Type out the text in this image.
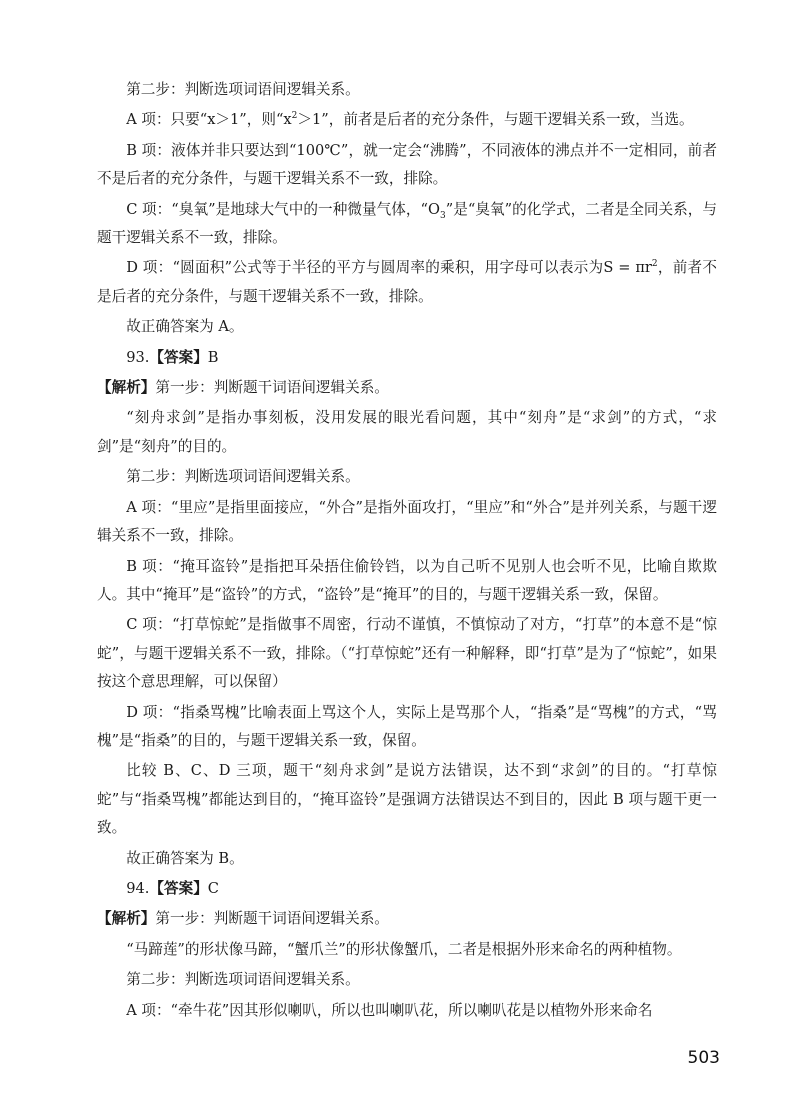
第二步：判断选项词语间逻辑关系。

A 项：只要“x＞1”，则“$x^2>1$”，前者是后者的充分条件，与题干逻辑关系一致，当选。

B 项：液体并非只要达到“100℃”，就一定会“沸腾”，不同液体的沸点并不一定相同，前者不是后者的充分条件，与题干逻辑关系不一致，排除。

C 项：“臭氧”是地球大气中的一种微量气体，“$O_3$”是“臭氧”的化学式，二者是全同关系，与题干逻辑关系不一致，排除。

D 项：“圆面积”公式等于半径的平方与圆周率的乘积，用字母可以表示为$S = \pi r^2$，前者不是后者的充分条件，与题干逻辑关系不一致，排除。

故正确答案为 A。

93.【答案】B

【解析】第一步：判断题干词语间逻辑关系。

“刻舟求剑”是指办事刻板，没用发展的眼光看问题，其中“刻舟”是“求剑”的方式，“求剑”是“刻舟”的目的。

第二步：判断选项词语间逻辑关系。

A 项：“里应”是指里面接应，“外合”是指外面攻打，“里应”和“外合”是并列关系，与题干逻辑关系不一致，排除。

B 项：“掩耳盗铃”是指把耳朵捂住偷铃铛，以为自己听不见别人也会听不见，比喻自欺欺人。其中“掩耳”是“盗铃”的方式，“盗铃”是“掩耳”的目的，与题干逻辑关系一致，保留。

C 项：“打草惊蛇”是指做事不周密，行动不谨慎，不慎惊动了对方，“打草”的本意不是“惊蛇”，与题干逻辑关系不一致，排除。（“打草惊蛇”还有一种解释，即“打草”是为了“惊蛇”，如果按这个意思理解，可以保留）

D 项：“指桑骂槐”比喻表面上骂这个人，实际上是骂那个人，“指桑”是“骂槐”的方式，“骂槐”是“指桑”的目的，与题干逻辑关系一致，保留。

比较 B、C、D 三项，题干“刻舟求剑”是说方法错误，达不到“求剑”的目的。“打草惊蛇”与“指桑骂槐”都能达到目的，“掩耳盗铃”是强调方法错误达不到目的，因此 B 项与题干更一致。

故正确答案为 B。

94.【答案】C

【解析】第一步：判断题干词语间逻辑关系。

“马蹄莲”的形状像马蹄，“蟹爪兰”的形状像蟹爪，二者是根据外形来命名的两种植物。

第二步：判断选项词语间逻辑关系。

A 项：“牵牛花”因其形似喇叭，所以也叫喇叭花，所以喇叭花是以植物外形来命名

503
